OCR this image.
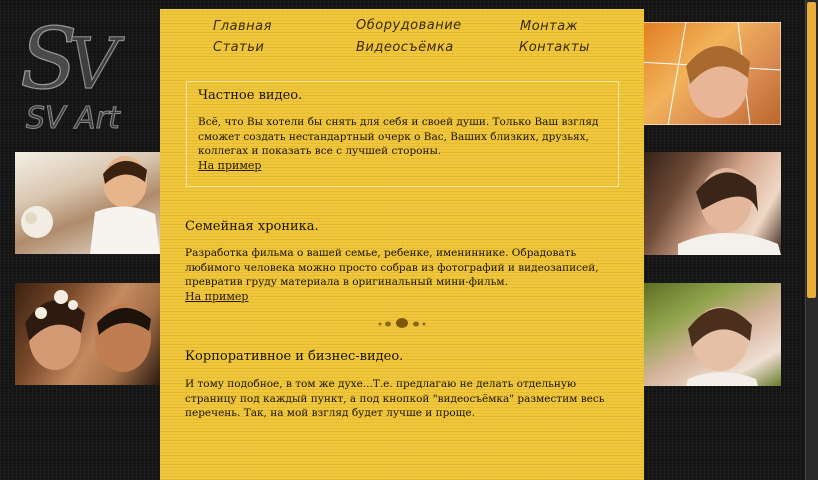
S
V
SV Art
Главная	Оборудование	Монтаж
Статьи	Видеосъёмка	Контакты
Частное видео.

Всё, что Вы хотели бы снять для себя и своей души. Только Ваш взгляд сможет создать нестандартный очерк о Вас, Ваших близких, друзьях, коллегах и показать все с лучшей стороны.

На пример
Семейная хроника.

Разработка фильма о вашей семье, ребенке, имениннике. Обрадовать любимого человека можно просто собрав из фотографий и видеозаписей, превратив груду материала в оригинальный мини-фильм.

На пример
Корпоративное и бизнес-видео.

И тому подобное, в том же духе...Т.е. предлагаю не делать отдельную страницу под каждый пункт, а под кнопкой "видеосъёмка" разместим весь перечень. Так, на мой взгляд будет лучше и проще.
